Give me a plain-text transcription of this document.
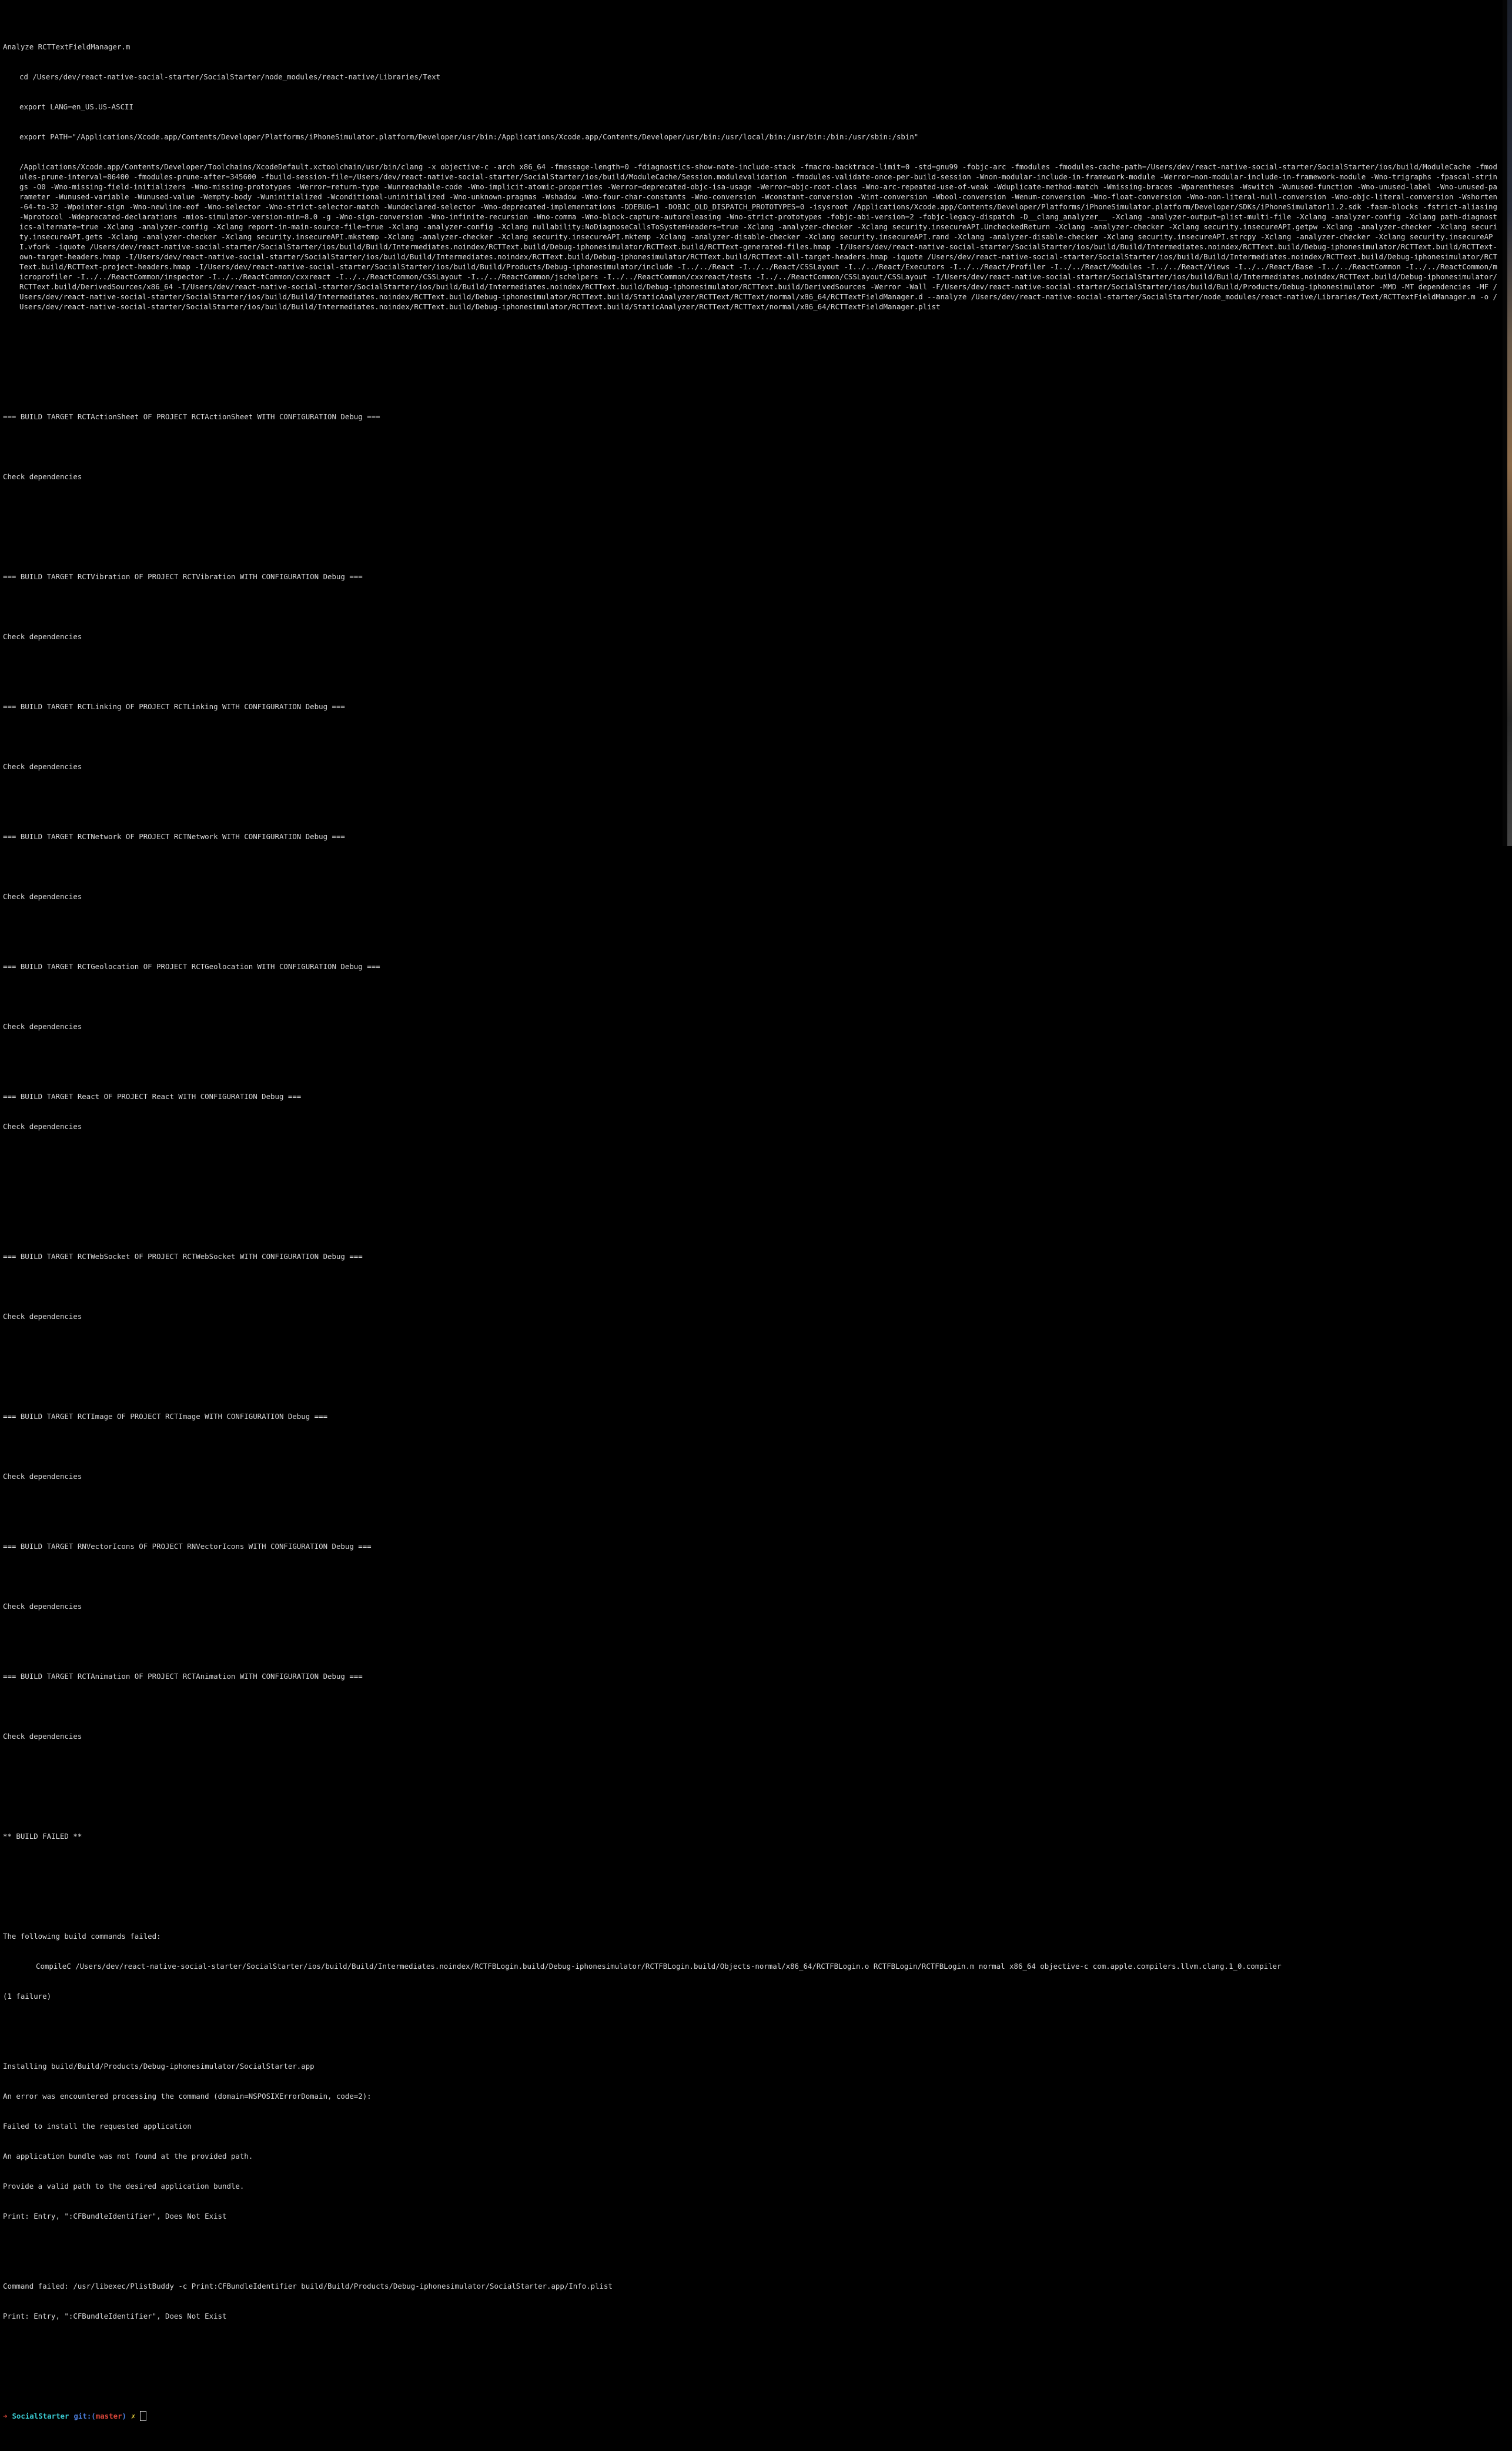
Analyze RCTTextFieldManager.m

cd /Users/dev/react-native-social-starter/SocialStarter/node_modules/react-native/Libraries/Text

export LANG=en_US.US-ASCII

export PATH="/Applications/Xcode.app/Contents/Developer/Platforms/iPhoneSimulator.platform/Developer/usr/bin:/Applications/Xcode.app/Contents/Developer/usr/bin:/usr/local/bin:/usr/bin:/bin:/usr/sbin:/sbin"

/Applications/Xcode.app/Contents/Developer/Toolchains/XcodeDefault.xctoolchain/usr/bin/clang -x objective-c -arch x86_64 -fmessage-length=0 -fdiagnostics-show-note-include-stack -fmacro-backtrace-limit=0 -std=gnu99 -fobjc-arc -fmodules -fmodules-cache-path=/Users/dev/react-native-social-starter/SocialStarter/ios/build/ModuleCache -fmodules-prune-interval=86400 -fmodules-prune-after=345600 -fbuild-session-file=/Users/dev/react-native-social-starter/SocialStarter/ios/build/ModuleCache/Session.modulevalidation -fmodules-validate-once-per-build-session -Wnon-modular-include-in-framework-module -Werror=non-modular-include-in-framework-module -Wno-trigraphs -fpascal-strings -O0 -Wno-missing-field-initializers -Wno-missing-prototypes -Werror=return-type -Wunreachable-code -Wno-implicit-atomic-properties -Werror=deprecated-objc-isa-usage -Werror=objc-root-class -Wno-arc-repeated-use-of-weak -Wduplicate-method-match -Wmissing-braces -Wparentheses -Wswitch -Wunused-function -Wno-unused-label -Wno-unused-parameter -Wunused-variable -Wunused-value -Wempty-body -Wuninitialized -Wconditional-uninitialized -Wno-unknown-pragmas -Wshadow -Wno-four-char-constants -Wno-conversion -Wconstant-conversion -Wint-conversion -Wbool-conversion -Wenum-conversion -Wno-float-conversion -Wno-non-literal-null-conversion -Wno-objc-literal-conversion -Wshorten-64-to-32 -Wpointer-sign -Wno-newline-eof -Wno-selector -Wno-strict-selector-match -Wundeclared-selector -Wno-deprecated-implementations -DDEBUG=1 -DOBJC_OLD_DISPATCH_PROTOTYPES=0 -isysroot /Applications/Xcode.app/Contents/Developer/Platforms/iPhoneSimulator.platform/Developer/SDKs/iPhoneSimulator11.2.sdk -fasm-blocks -fstrict-aliasing -Wprotocol -Wdeprecated-declarations -mios-simulator-version-min=8.0 -g -Wno-sign-conversion -Wno-infinite-recursion -Wno-comma -Wno-block-capture-autoreleasing -Wno-strict-prototypes -fobjc-abi-version=2 -fobjc-legacy-dispatch -D__clang_analyzer__ -Xclang -analyzer-output=plist-multi-file -Xclang -analyzer-config -Xclang path-diagnostics-alternate=true -Xclang -analyzer-config -Xclang report-in-main-source-file=true -Xclang -analyzer-config -Xclang nullability:NoDiagnoseCallsToSystemHeaders=true -Xclang -analyzer-checker -Xclang security.insecureAPI.UncheckedReturn -Xclang -analyzer-checker -Xclang security.insecureAPI.getpw -Xclang -analyzer-checker -Xclang security.insecureAPI.gets -Xclang -analyzer-checker -Xclang security.insecureAPI.mkstemp -Xclang -analyzer-checker -Xclang security.insecureAPI.mktemp -Xclang -analyzer-disable-checker -Xclang security.insecureAPI.rand -Xclang -analyzer-disable-checker -Xclang security.insecureAPI.strcpy -Xclang -analyzer-checker -Xclang security.insecureAPI.vfork -iquote /Users/dev/react-native-social-starter/SocialStarter/ios/build/Build/Intermediates.noindex/RCTText.build/Debug-iphonesimulator/RCTText.build/RCTText-generated-files.hmap -I/Users/dev/react-native-social-starter/SocialStarter/ios/build/Build/Intermediates.noindex/RCTText.build/Debug-iphonesimulator/RCTText.build/RCTText-own-target-headers.hmap -I/Users/dev/react-native-social-starter/SocialStarter/ios/build/Build/Intermediates.noindex/RCTText.build/Debug-iphonesimulator/RCTText.build/RCTText-all-target-headers.hmap -iquote /Users/dev/react-native-social-starter/SocialStarter/ios/build/Build/Intermediates.noindex/RCTText.build/Debug-iphonesimulator/RCTText.build/RCTText-project-headers.hmap -I/Users/dev/react-native-social-starter/SocialStarter/ios/build/Build/Products/Debug-iphonesimulator/include -I../../React -I../../React/CSSLayout -I../../React/Executors -I../../React/Profiler -I../../React/Modules -I../../React/Views -I../../React/Base -I../../ReactCommon -I../../ReactCommon/microprofiler -I../../ReactCommon/inspector -I../../ReactCommon/cxxreact -I../../ReactCommon/CSSLayout -I../../ReactCommon/jschelpers -I../../ReactCommon/cxxreact/tests -I../../ReactCommon/CSSLayout/CSSLayout -I/Users/dev/react-native-social-starter/SocialStarter/ios/build/Build/Intermediates.noindex/RCTText.build/Debug-iphonesimulator/RCTText.build/DerivedSources/x86_64 -I/Users/dev/react-native-social-starter/SocialStarter/ios/build/Build/Intermediates.noindex/RCTText.build/Debug-iphonesimulator/RCTText.build/DerivedSources -Werror -Wall -F/Users/dev/react-native-social-starter/SocialStarter/ios/build/Build/Products/Debug-iphonesimulator -MMD -MT dependencies -MF /Users/dev/react-native-social-starter/SocialStarter/ios/build/Build/Intermediates.noindex/RCTText.build/Debug-iphonesimulator/RCTText.build/StaticAnalyzer/RCTText/RCTText/normal/x86_64/RCTTextFieldManager.d --analyze /Users/dev/react-native-social-starter/SocialStarter/node_modules/react-native/Libraries/Text/RCTTextFieldManager.m -o /Users/dev/react-native-social-starter/SocialStarter/ios/build/Build/Intermediates.noindex/RCTText.build/Debug-iphonesimulator/RCTText.build/StaticAnalyzer/RCTText/RCTText/normal/x86_64/RCTTextFieldManager.plist

=== BUILD TARGET RCTActionSheet OF PROJECT RCTActionSheet WITH CONFIGURATION Debug ===

Check dependencies

=== BUILD TARGET RCTVibration OF PROJECT RCTVibration WITH CONFIGURATION Debug ===

Check dependencies

=== BUILD TARGET RCTLinking OF PROJECT RCTLinking WITH CONFIGURATION Debug ===

Check dependencies

=== BUILD TARGET RCTNetwork OF PROJECT RCTNetwork WITH CONFIGURATION Debug ===

Check dependencies

=== BUILD TARGET RCTGeolocation OF PROJECT RCTGeolocation WITH CONFIGURATION Debug ===

Check dependencies

=== BUILD TARGET React OF PROJECT React WITH CONFIGURATION Debug ===

Check dependencies

=== BUILD TARGET RCTWebSocket OF PROJECT RCTWebSocket WITH CONFIGURATION Debug ===

Check dependencies

=== BUILD TARGET RCTImage OF PROJECT RCTImage WITH CONFIGURATION Debug ===

Check dependencies

=== BUILD TARGET RNVectorIcons OF PROJECT RNVectorIcons WITH CONFIGURATION Debug ===

Check dependencies

=== BUILD TARGET RCTAnimation OF PROJECT RCTAnimation WITH CONFIGURATION Debug ===

Check dependencies

** BUILD FAILED **

The following build commands failed:

CompileC /Users/dev/react-native-social-starter/SocialStarter/ios/build/Build/Intermediates.noindex/RCTFBLogin.build/Debug-iphonesimulator/RCTFBLogin.build/Objects-normal/x86_64/RCTFBLogin.o RCTFBLogin/RCTFBLogin.m normal x86_64 objective-c com.apple.compilers.llvm.clang.1_0.compiler

(1 failure)

Installing build/Build/Products/Debug-iphonesimulator/SocialStarter.app

An error was encountered processing the command (domain=NSPOSIXErrorDomain, code=2):

Failed to install the requested application

An application bundle was not found at the provided path.

Provide a valid path to the desired application bundle.

Print: Entry, ":CFBundleIdentifier", Does Not Exist

Command failed: /usr/libexec/PlistBuddy -c Print:CFBundleIdentifier build/Build/Products/Debug-iphonesimulator/SocialStarter.app/Info.plist

Print: Entry, ":CFBundleIdentifier", Does Not Exist

➜ SocialStarter git:( master ) ✗
